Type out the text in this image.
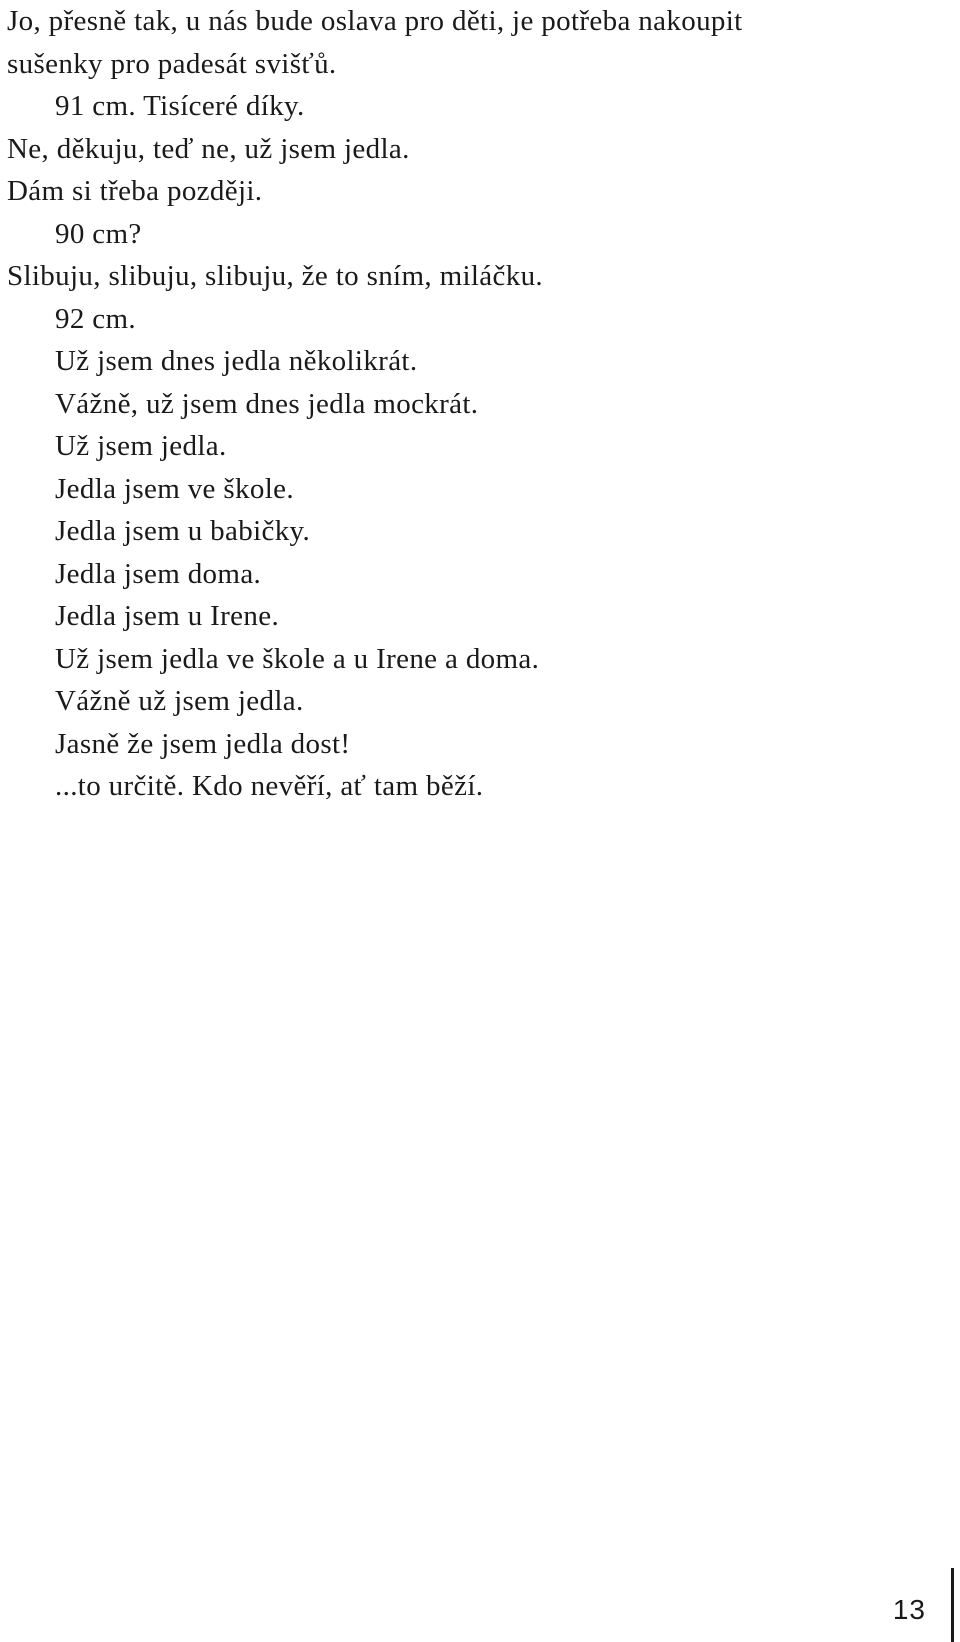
Jo, přesně tak, u nás bude oslava pro děti, je potřeba nakoupit
sušenky pro padesát svišťů.
91 cm. Tisíceré díky.
Ne, děkuju, teď ne, už jsem jedla.
Dám si třeba později.
90 cm?
Slibuju, slibuju, slibuju, že to sním, miláčku.
92 cm.
Už jsem dnes jedla několikrát.
Vážně, už jsem dnes jedla mockrát.
Už jsem jedla.
Jedla jsem ve škole.
Jedla jsem u babičky.
Jedla jsem doma.
Jedla jsem u Irene.
Už jsem jedla ve škole a u Irene a doma.
Vážně už jsem jedla.
Jasně že jsem jedla dost!
...to určitě. Kdo nevěří, ať tam běží.
13
